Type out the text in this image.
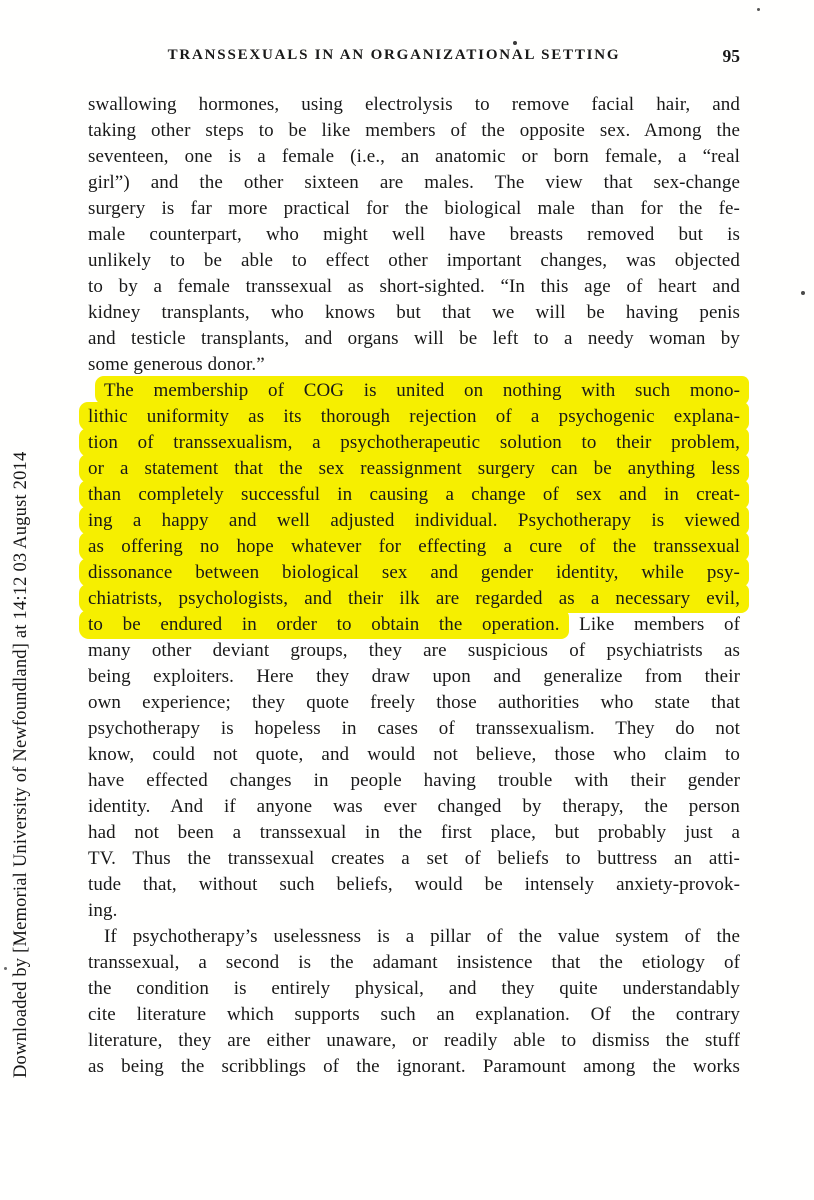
Downloaded by [Memorial University of Newfoundland] at 14:12 03 August 2014
TRANSSEXUALS IN AN ORGANIZATIONAL SETTING	95
swallowing hormones, using electrolysis to remove facial hair, and
taking other steps to be like members of the opposite sex. Among the
seventeen, one is a female (i.e., an anatomic or born female, a “real
girl”) and the other sixteen are males. The view that sex-change
surgery is far more practical for the biological male than for the fe-
male counterpart, who might well have breasts removed but is
unlikely to be able to effect other important changes, was objected
to by a female transsexual as short-sighted. “In this age of heart and
kidney transplants, who knows but that we will be having penis
and testicle transplants, and organs will be left to a needy woman by
some generous donor.”
The membership of COG is united on nothing with such mono-
lithic uniformity as its thorough rejection of a psychogenic explana-
tion of transsexualism, a psychotherapeutic solution to their problem,
or a statement that the sex reassignment surgery can be anything less
than completely successful in causing a change of sex and in creat-
ing a happy and well adjusted individual. Psychotherapy is viewed
as offering no hope whatever for effecting a cure of the transsexual
dissonance between biological sex and gender identity, while psy-
chiatrists, psychologists, and their ilk are regarded as a necessary evil,
to be endured in order to obtain the operation. Like members of
many other deviant groups, they are suspicious of psychiatrists as
being exploiters. Here they draw upon and generalize from their
own experience; they quote freely those authorities who state that
psychotherapy is hopeless in cases of transsexualism. They do not
know, could not quote, and would not believe, those who claim to
have effected changes in people having trouble with their gender
identity. And if anyone was ever changed by therapy, the person
had not been a transsexual in the first place, but probably just a
TV. Thus the transsexual creates a set of beliefs to buttress an atti-
tude that, without such beliefs, would be intensely anxiety-provok-
ing.
If psychotherapy’s uselessness is a pillar of the value system of the
transsexual, a second is the adamant insistence that the etiology of
the condition is entirely physical, and they quite understandably
cite literature which supports such an explanation. Of the contrary
literature, they are either unaware, or readily able to dismiss the stuff
as being the scribblings of the ignorant. Paramount among the works
